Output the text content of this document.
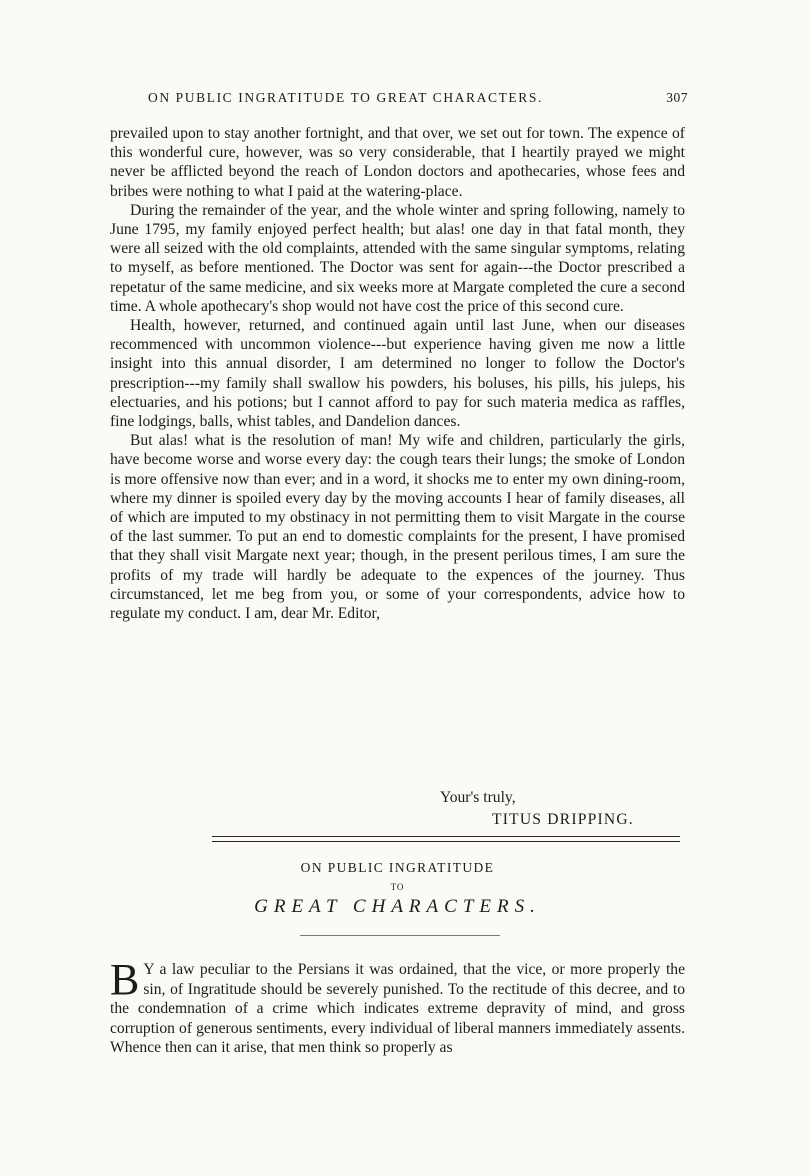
ON PUBLIC INGRATITUDE TO GREAT CHARACTERS.	307

prevailed upon to stay another fortnight, and that over, we set out for town. The expence of this wonderful cure, however, was so very considerable, that I heartily prayed we might never be afflicted beyond the reach of London doctors and apothecaries, whose fees and bribes were nothing to what I paid at the watering-place.

During the remainder of the year, and the whole winter and spring following, namely to June 1795, my family enjoyed perfect health; but alas! one day in that fatal month, they were all seized with the old complaints, attended with the same singular symptoms, relating to myself, as before mentioned. The Doctor was sent for again---the Doctor prescribed a repetatur of the same medicine, and six weeks more at Margate completed the cure a second time. A whole apothecary's shop would not have cost the price of this second cure.

Health, however, returned, and continued again until last June, when our diseases recommenced with uncommon violence---but experience having given me now a little insight into this annual disorder, I am determined no longer to follow the Doctor's prescription---my family shall swallow his powders, his boluses, his pills, his juleps, his electuaries, and his potions; but I cannot afford to pay for such materia medica as raffles, fine lodgings, balls, whist tables, and Dandelion dances.

But alas! what is the resolution of man! My wife and children, particularly the girls, have become worse and worse every day: the cough tears their lungs; the smoke of London is more offensive now than ever; and in a word, it shocks me to enter my own dining-room, where my dinner is spoiled every day by the moving accounts I hear of family diseases, all of which are imputed to my obstinacy in not permitting them to visit Margate in the course of the last summer. To put an end to domestic complaints for the present, I have promised that they shall visit Margate next year; though, in the present perilous times, I am sure the profits of my trade will hardly be adequate to the expences of the journey. Thus circumstanced, let me beg from you, or some of your correspondents, advice how to regulate my conduct. I am, dear Mr. Editor,

Your's truly,
TITUS DRIPPING.
ON PUBLIC INGRATITUDE
TO
GREAT CHARACTERS.

B Y a law peculiar to the Persians it was ordained, that the vice, or more properly the sin, of Ingratitude should be severely punished. To the rectitude of this decree, and to the condemnation of a crime which indicates extreme depravity of mind, and gross corruption of generous sentiments, every individual of liberal manners immediately assents. Whence then can it arise, that men think so properly as
